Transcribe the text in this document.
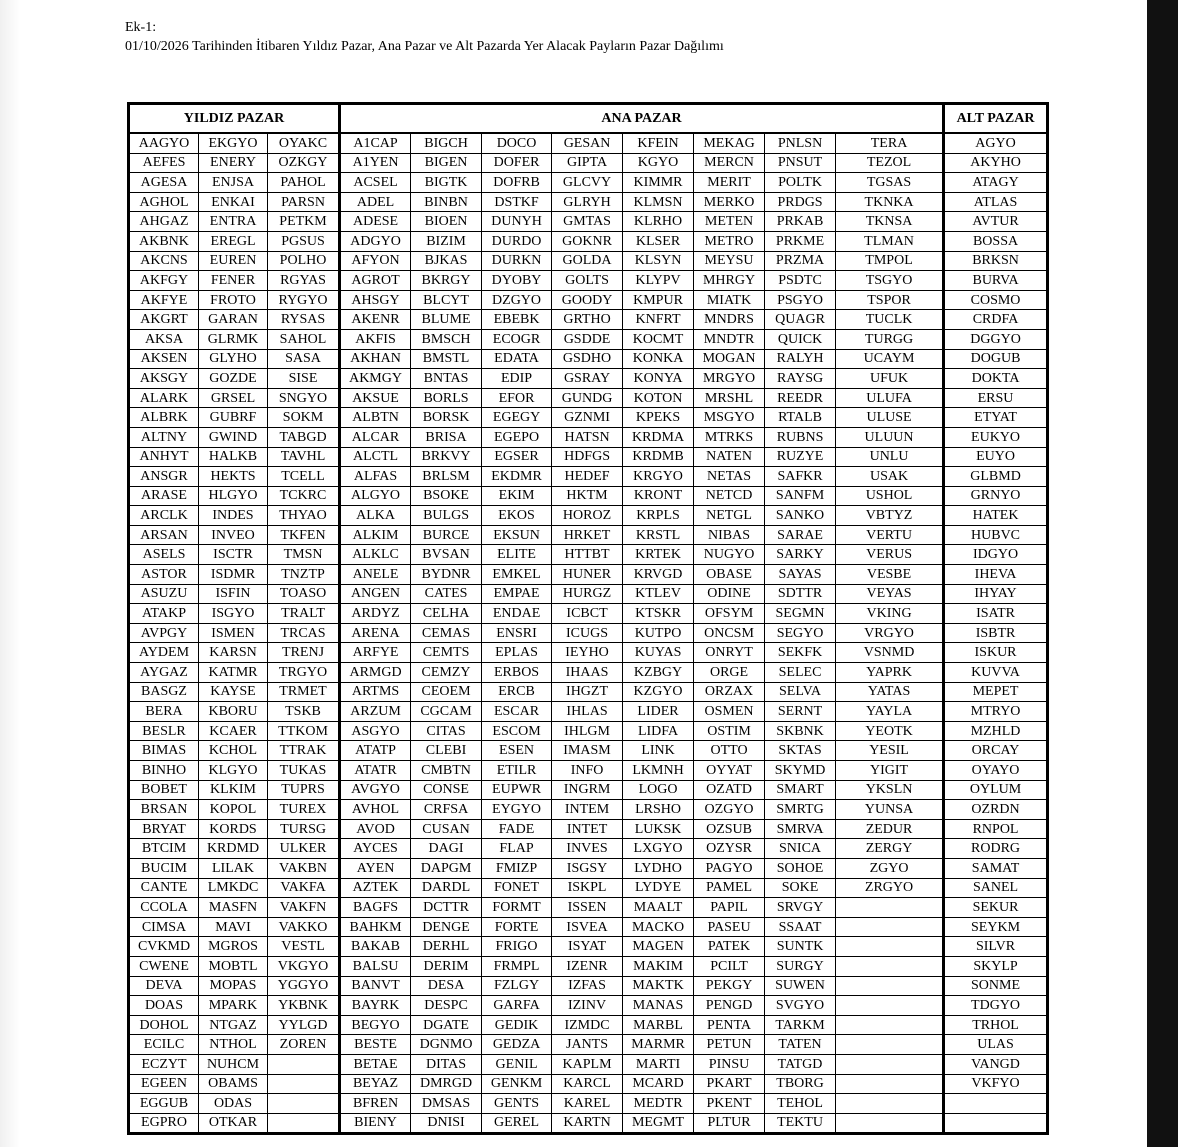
Ek-1:
01/10/2026 Tarihinden İtibaren Yıldız Pazar, Ana Pazar ve Alt Pazarda Yer Alacak Payların Pazar Dağılımı
YILDIZ PAZAR			ANA PAZAR								ALT PAZAR
AAGYO	EKGYO	OYAKC	A1CAP	BIGCH	DOCO	GESAN	KFEIN	MEKAG	PNLSN	TERA	AGYO
AEFES	ENERY	OZKGY	A1YEN	BIGEN	DOFER	GIPTA	KGYO	MERCN	PNSUT	TEZOL	AKYHO
AGESA	ENJSA	PAHOL	ACSEL	BIGTK	DOFRB	GLCVY	KIMMR	MERIT	POLTK	TGSAS	ATAGY
AGHOL	ENKAI	PARSN	ADEL	BINBN	DSTKF	GLRYH	KLMSN	MERKO	PRDGS	TKNKA	ATLAS
AHGAZ	ENTRA	PETKM	ADESE	BIOEN	DUNYH	GMTAS	KLRHO	METEN	PRKAB	TKNSA	AVTUR
AKBNK	EREGL	PGSUS	ADGYO	BIZIM	DURDO	GOKNR	KLSER	METRO	PRKME	TLMAN	BOSSA
AKCNS	EUREN	POLHO	AFYON	BJKAS	DURKN	GOLDA	KLSYN	MEYSU	PRZMA	TMPOL	BRKSN
AKFGY	FENER	RGYAS	AGROT	BKRGY	DYOBY	GOLTS	KLYPV	MHRGY	PSDTC	TSGYO	BURVA
AKFYE	FROTO	RYGYO	AHSGY	BLCYT	DZGYO	GOODY	KMPUR	MIATK	PSGYO	TSPOR	COSMO
AKGRT	GARAN	RYSAS	AKENR	BLUME	EBEBK	GRTHO	KNFRT	MNDRS	QUAGR	TUCLK	CRDFA
AKSA	GLRMK	SAHOL	AKFIS	BMSCH	ECOGR	GSDDE	KOCMT	MNDTR	QUICK	TURGG	DGGYO
AKSEN	GLYHO	SASA	AKHAN	BMSTL	EDATA	GSDHO	KONKA	MOGAN	RALYH	UCAYM	DOGUB
AKSGY	GOZDE	SISE	AKMGY	BNTAS	EDIP	GSRAY	KONYA	MRGYO	RAYSG	UFUK	DOKTA
ALARK	GRSEL	SNGYO	AKSUE	BORLS	EFOR	GUNDG	KOTON	MRSHL	REEDR	ULUFA	ERSU
ALBRK	GUBRF	SOKM	ALBTN	BORSK	EGEGY	GZNMI	KPEKS	MSGYO	RTALB	ULUSE	ETYAT
ALTNY	GWIND	TABGD	ALCAR	BRISA	EGEPO	HATSN	KRDMA	MTRKS	RUBNS	ULUUN	EUKYO
ANHYT	HALKB	TAVHL	ALCTL	BRKVY	EGSER	HDFGS	KRDMB	NATEN	RUZYE	UNLU	EUYO
ANSGR	HEKTS	TCELL	ALFAS	BRLSM	EKDMR	HEDEF	KRGYO	NETAS	SAFKR	USAK	GLBMD
ARASE	HLGYO	TCKRC	ALGYO	BSOKE	EKIM	HKTM	KRONT	NETCD	SANFM	USHOL	GRNYO
ARCLK	INDES	THYAO	ALKA	BULGS	EKOS	HOROZ	KRPLS	NETGL	SANKO	VBTYZ	HATEK
ARSAN	INVEO	TKFEN	ALKIM	BURCE	EKSUN	HRKET	KRSTL	NIBAS	SARAE	VERTU	HUBVC
ASELS	ISCTR	TMSN	ALKLC	BVSAN	ELITE	HTTBT	KRTEK	NUGYO	SARKY	VERUS	IDGYO
ASTOR	ISDMR	TNZTP	ANELE	BYDNR	EMKEL	HUNER	KRVGD	OBASE	SAYAS	VESBE	IHEVA
ASUZU	ISFIN	TOASO	ANGEN	CATES	EMPAE	HURGZ	KTLEV	ODINE	SDTTR	VEYAS	IHYAY
ATAKP	ISGYO	TRALT	ARDYZ	CELHA	ENDAE	ICBCT	KTSKR	OFSYM	SEGMN	VKING	ISATR
AVPGY	ISMEN	TRCAS	ARENA	CEMAS	ENSRI	ICUGS	KUTPO	ONCSM	SEGYO	VRGYO	ISBTR
AYDEM	KARSN	TRENJ	ARFYE	CEMTS	EPLAS	IEYHO	KUYAS	ONRYT	SEKFK	VSNMD	ISKUR
AYGAZ	KATMR	TRGYO	ARMGD	CEMZY	ERBOS	IHAAS	KZBGY	ORGE	SELEC	YAPRK	KUVVA
BASGZ	KAYSE	TRMET	ARTMS	CEOEM	ERCB	IHGZT	KZGYO	ORZAX	SELVA	YATAS	MEPET
BERA	KBORU	TSKB	ARZUM	CGCAM	ESCAR	IHLAS	LIDER	OSMEN	SERNT	YAYLA	MTRYO
BESLR	KCAER	TTKOM	ASGYO	CITAS	ESCOM	IHLGM	LIDFA	OSTIM	SKBNK	YEOTK	MZHLD
BIMAS	KCHOL	TTRAK	ATATP	CLEBI	ESEN	IMASM	LINK	OTTO	SKTAS	YESIL	ORCAY
BINHO	KLGYO	TUKAS	ATATR	CMBTN	ETILR	INFO	LKMNH	OYYAT	SKYMD	YIGIT	OYAYO
BOBET	KLKIM	TUPRS	AVGYO	CONSE	EUPWR	INGRM	LOGO	OZATD	SMART	YKSLN	OYLUM
BRSAN	KOPOL	TUREX	AVHOL	CRFSA	EYGYO	INTEM	LRSHO	OZGYO	SMRTG	YUNSA	OZRDN
BRYAT	KORDS	TURSG	AVOD	CUSAN	FADE	INTET	LUKSK	OZSUB	SMRVA	ZEDUR	RNPOL
BTCIM	KRDMD	ULKER	AYCES	DAGI	FLAP	INVES	LXGYO	OZYSR	SNICA	ZERGY	RODRG
BUCIM	LILAK	VAKBN	AYEN	DAPGM	FMIZP	ISGSY	LYDHO	PAGYO	SOHOE	ZGYO	SAMAT
CANTE	LMKDC	VAKFA	AZTEK	DARDL	FONET	ISKPL	LYDYE	PAMEL	SOKE	ZRGYO	SANEL
CCOLA	MASFN	VAKFN	BAGFS	DCTTR	FORMT	ISSEN	MAALT	PAPIL	SRVGY		SEKUR
CIMSA	MAVI	VAKKO	BAHKM	DENGE	FORTE	ISVEA	MACKO	PASEU	SSAAT		SEYKM
CVKMD	MGROS	VESTL	BAKAB	DERHL	FRIGO	ISYAT	MAGEN	PATEK	SUNTK		SILVR
CWENE	MOBTL	VKGYO	BALSU	DERIM	FRMPL	IZENR	MAKIM	PCILT	SURGY		SKYLP
DEVA	MOPAS	YGGYO	BANVT	DESA	FZLGY	IZFAS	MAKTK	PEKGY	SUWEN		SONME
DOAS	MPARK	YKBNK	BAYRK	DESPC	GARFA	IZINV	MANAS	PENGD	SVGYO		TDGYO
DOHOL	NTGAZ	YYLGD	BEGYO	DGATE	GEDIK	IZMDC	MARBL	PENTA	TARKM		TRHOL
ECILC	NTHOL	ZOREN	BESTE	DGNMO	GEDZA	JANTS	MARMR	PETUN	TATEN		ULAS
ECZYT	NUHCM		BETAE	DITAS	GENIL	KAPLM	MARTI	PINSU	TATGD		VANGD
EGEEN	OBAMS		BEYAZ	DMRGD	GENKM	KARCL	MCARD	PKART	TBORG		VKFYO
EGGUB	ODAS		BFREN	DMSAS	GENTS	KAREL	MEDTR	PKENT	TEHOL		
EGPRO	OTKAR		BIENY	DNISI	GEREL	KARTN	MEGMT	PLTUR	TEKTU		
